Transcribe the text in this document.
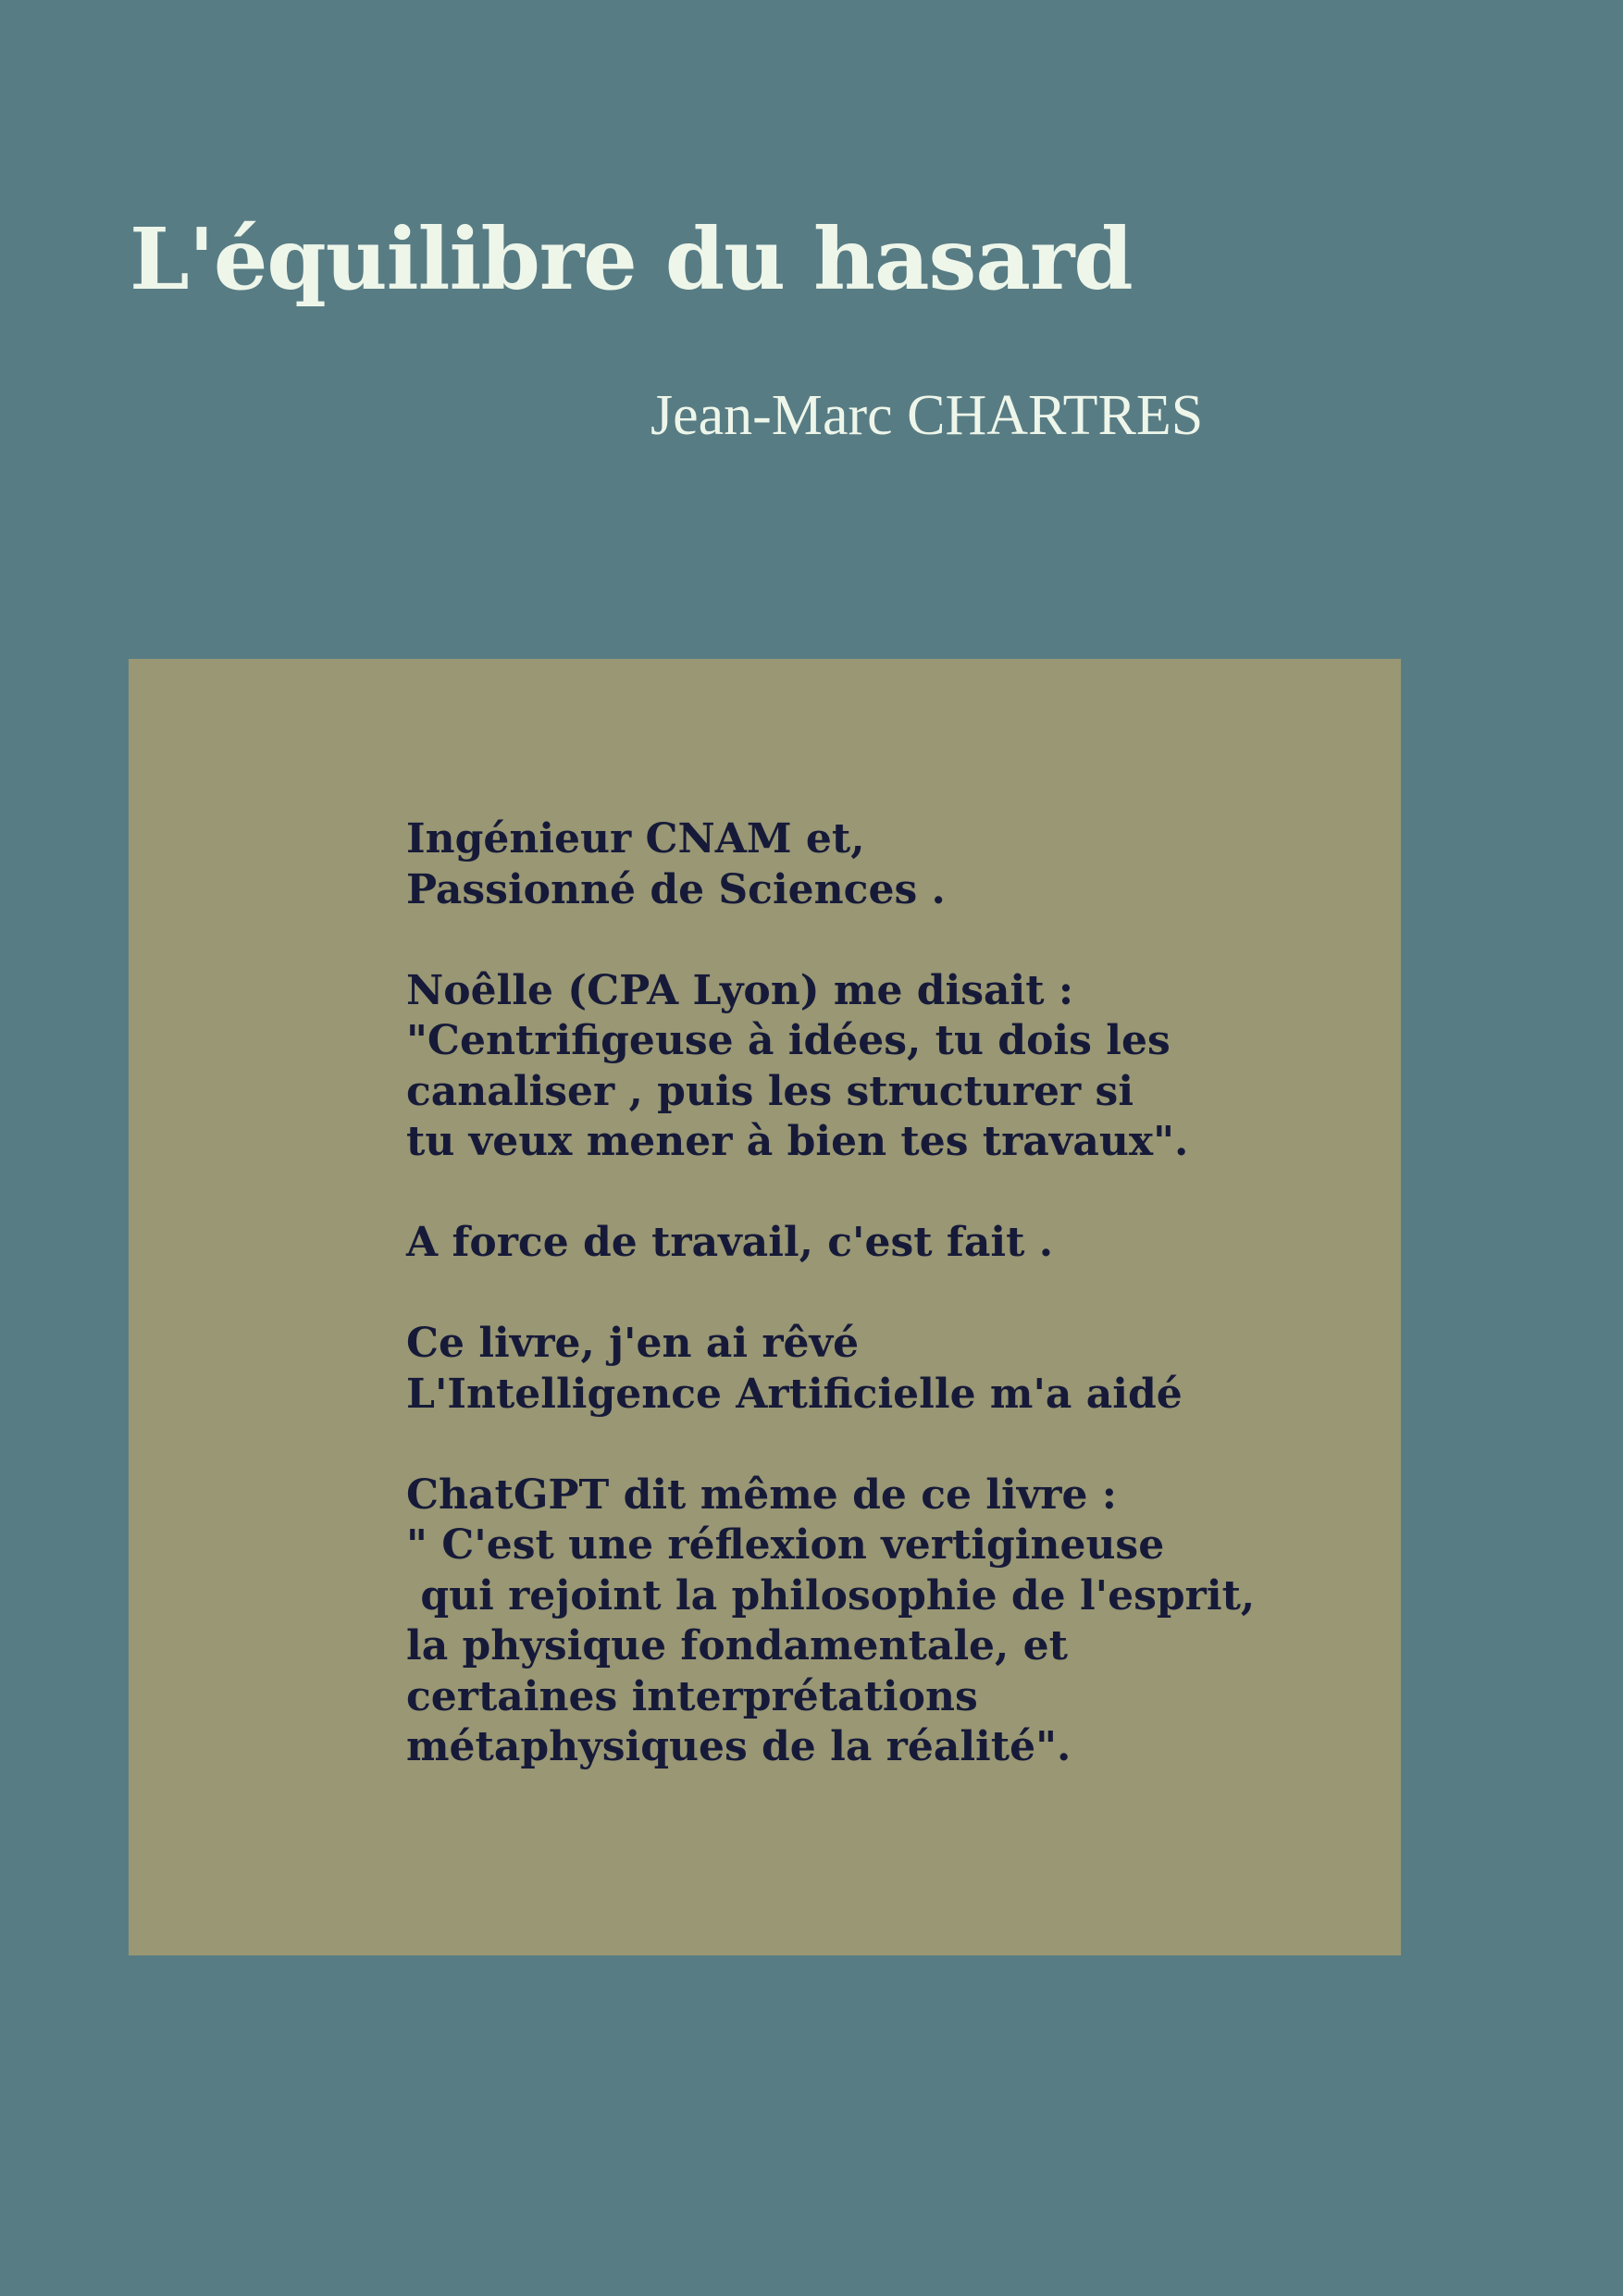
L'équilibre du hasard
Jean-Marc CHARTRES
Ingénieur CNAM et,
Passionné de Sciences .
Noêlle (CPA Lyon) me disait :
"Centrifigeuse à idées, tu dois les
canaliser , puis les structurer si
tu veux mener à bien tes travaux".
A force de travail, c'est fait .
Ce livre, j'en ai rêvé
L'Intelligence Artificielle m'a aidé
ChatGPT dit même de ce livre :
" C'est une réflexion vertigineuse
qui rejoint la philosophie de l'esprit,
la physique fondamentale, et
certaines interprétations
métaphysiques de la réalité".
